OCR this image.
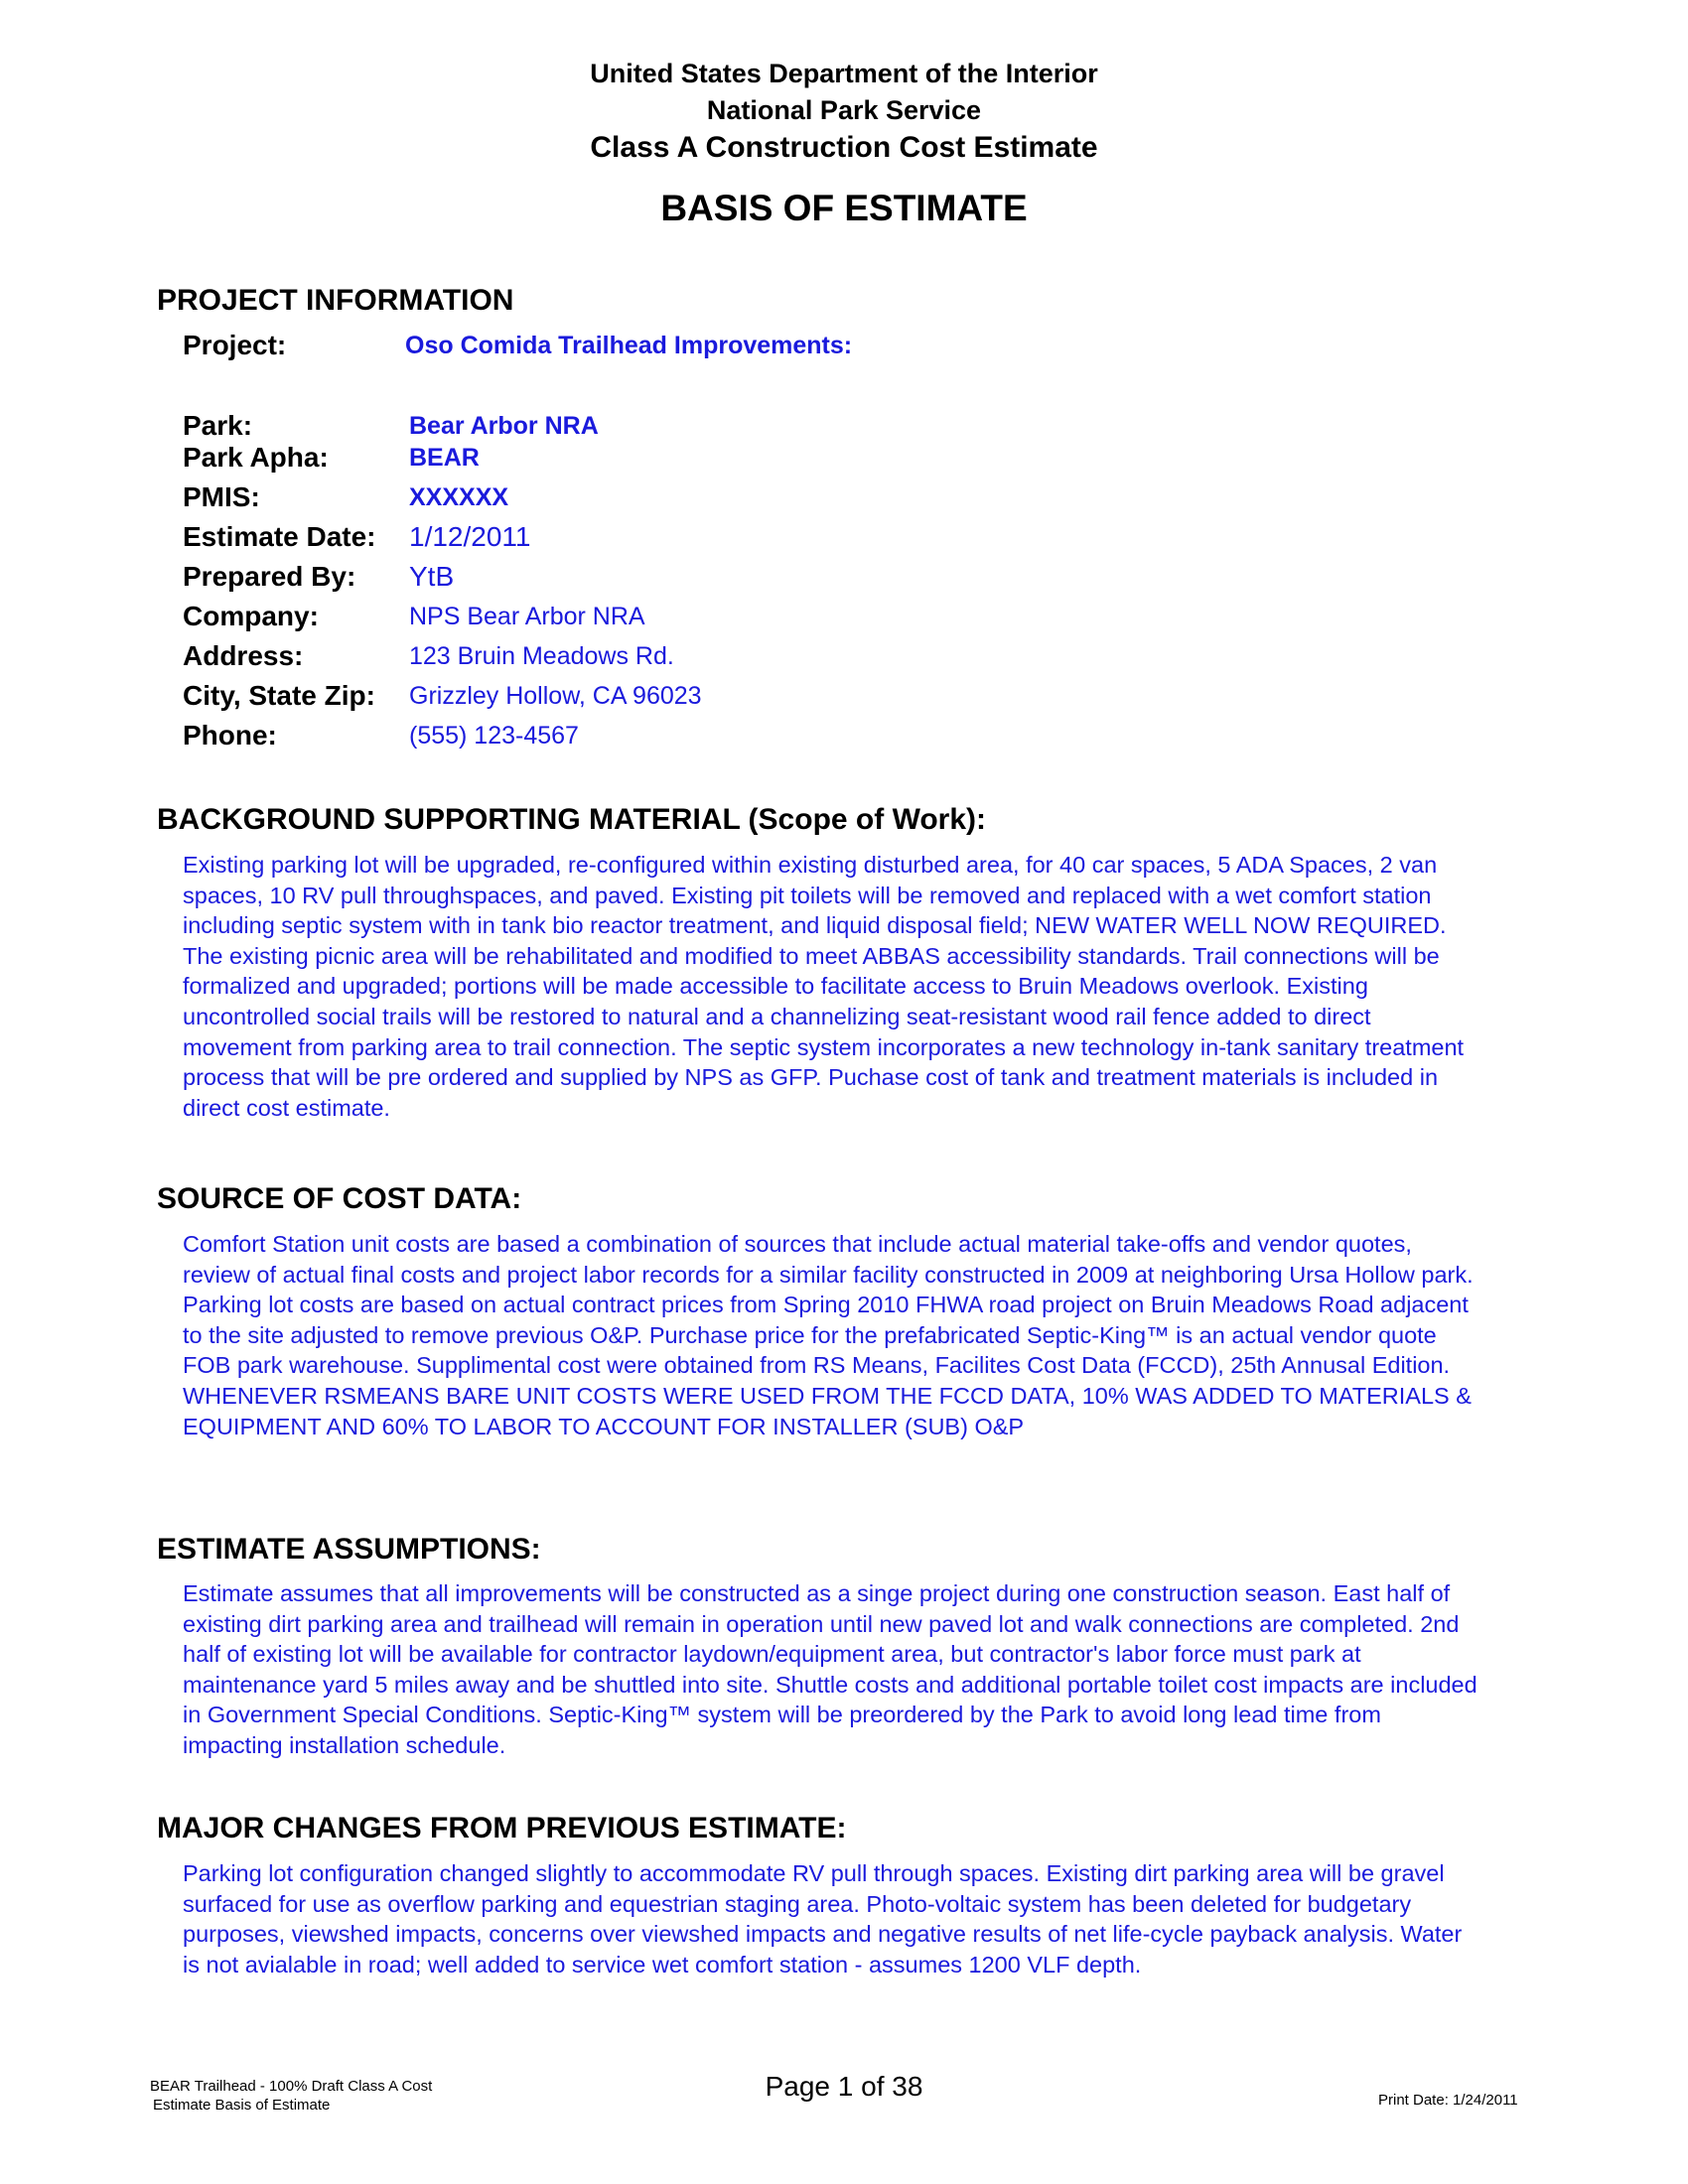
United States Department of the Interior
National Park Service
Class A Construction Cost Estimate
BASIS OF ESTIMATE
PROJECT INFORMATION
Project:	Oso Comida Trailhead Improvements:
Park:	Bear Arbor NRA
Park Apha:	BEAR
PMIS:	XXXXXX
Estimate Date: 1/12/2011
Prepared By: YtB
Company:	NPS Bear Arbor NRA
Address:	123 Bruin Meadows Rd.
City, State Zip: Grizzley Hollow, CA 96023
Phone:	(555) 123-4567
BACKGROUND SUPPORTING MATERIAL (Scope of Work):
Existing parking lot will be upgraded, re-configured within existing disturbed area, for 40 car spaces, 5 ADA Spaces, 2 van
spaces, 10 RV pull throughspaces, and paved. Existing pit toilets will be removed and replaced with a wet comfort station
including septic system with in tank bio reactor treatment, and liquid disposal field; NEW WATER WELL NOW REQUIRED.
The existing picnic area will be rehabilitated and modified to meet ABBAS accessibility standards. Trail connections will be
formalized and upgraded; portions will be made accessible to facilitate access to Bruin Meadows overlook. Existing
uncontrolled social trails will be restored to natural and a channelizing seat-resistant wood rail fence added to direct
movement from parking area to trail connection. The septic system incorporates a new technology in-tank sanitary treatment
process that will be pre ordered and supplied by NPS as GFP. Puchase cost of tank and treatment materials is included in
direct cost estimate.
SOURCE OF COST DATA:
Comfort Station unit costs are based a combination of sources that include actual material take-offs and vendor quotes,
review of actual final costs and project labor records for a similar facility constructed in 2009 at neighboring Ursa Hollow park.
Parking lot costs are based on actual contract prices from Spring 2010 FHWA road project on Bruin Meadows Road adjacent
to the site adjusted to remove previous O&P. Purchase price for the prefabricated Septic-King™ is an actual vendor quote
FOB park warehouse. Supplimental cost were obtained from RS Means, Facilites Cost Data (FCCD), 25th Annusal Edition.
WHENEVER RSMEANS BARE UNIT COSTS WERE USED FROM THE FCCD DATA, 10% WAS ADDED TO MATERIALS &
EQUIPMENT AND 60% TO LABOR TO ACCOUNT FOR INSTALLER (SUB) O&P
ESTIMATE ASSUMPTIONS:
Estimate assumes that all improvements will be constructed as a singe project during one construction season. East half of
existing dirt parking area and trailhead will remain in operation until new paved lot and walk connections are completed. 2nd
half of existing lot will be available for contractor laydown/equipment area, but contractor's labor force must park at
maintenance yard 5 miles away and be shuttled into site. Shuttle costs and additional portable toilet cost impacts are included
in Government Special Conditions. Septic-King™ system will be preordered by the Park to avoid long lead time from
impacting installation schedule.
MAJOR CHANGES FROM PREVIOUS ESTIMATE:
Parking lot configuration changed slightly to accommodate RV pull through spaces. Existing dirt parking area will be gravel
surfaced for use as overflow parking and equestrian staging area. Photo-voltaic system has been deleted for budgetary
purposes, viewshed impacts, concerns over viewshed impacts and negative results of net life-cycle payback analysis. Water
is not avialable in road; well added to service wet comfort station - assumes 1200 VLF depth.
BEAR Trailhead - 100% Draft Class A Cost
Estimate Basis of Estimate
Page 1 of 38	Print Date: 1/24/2011
